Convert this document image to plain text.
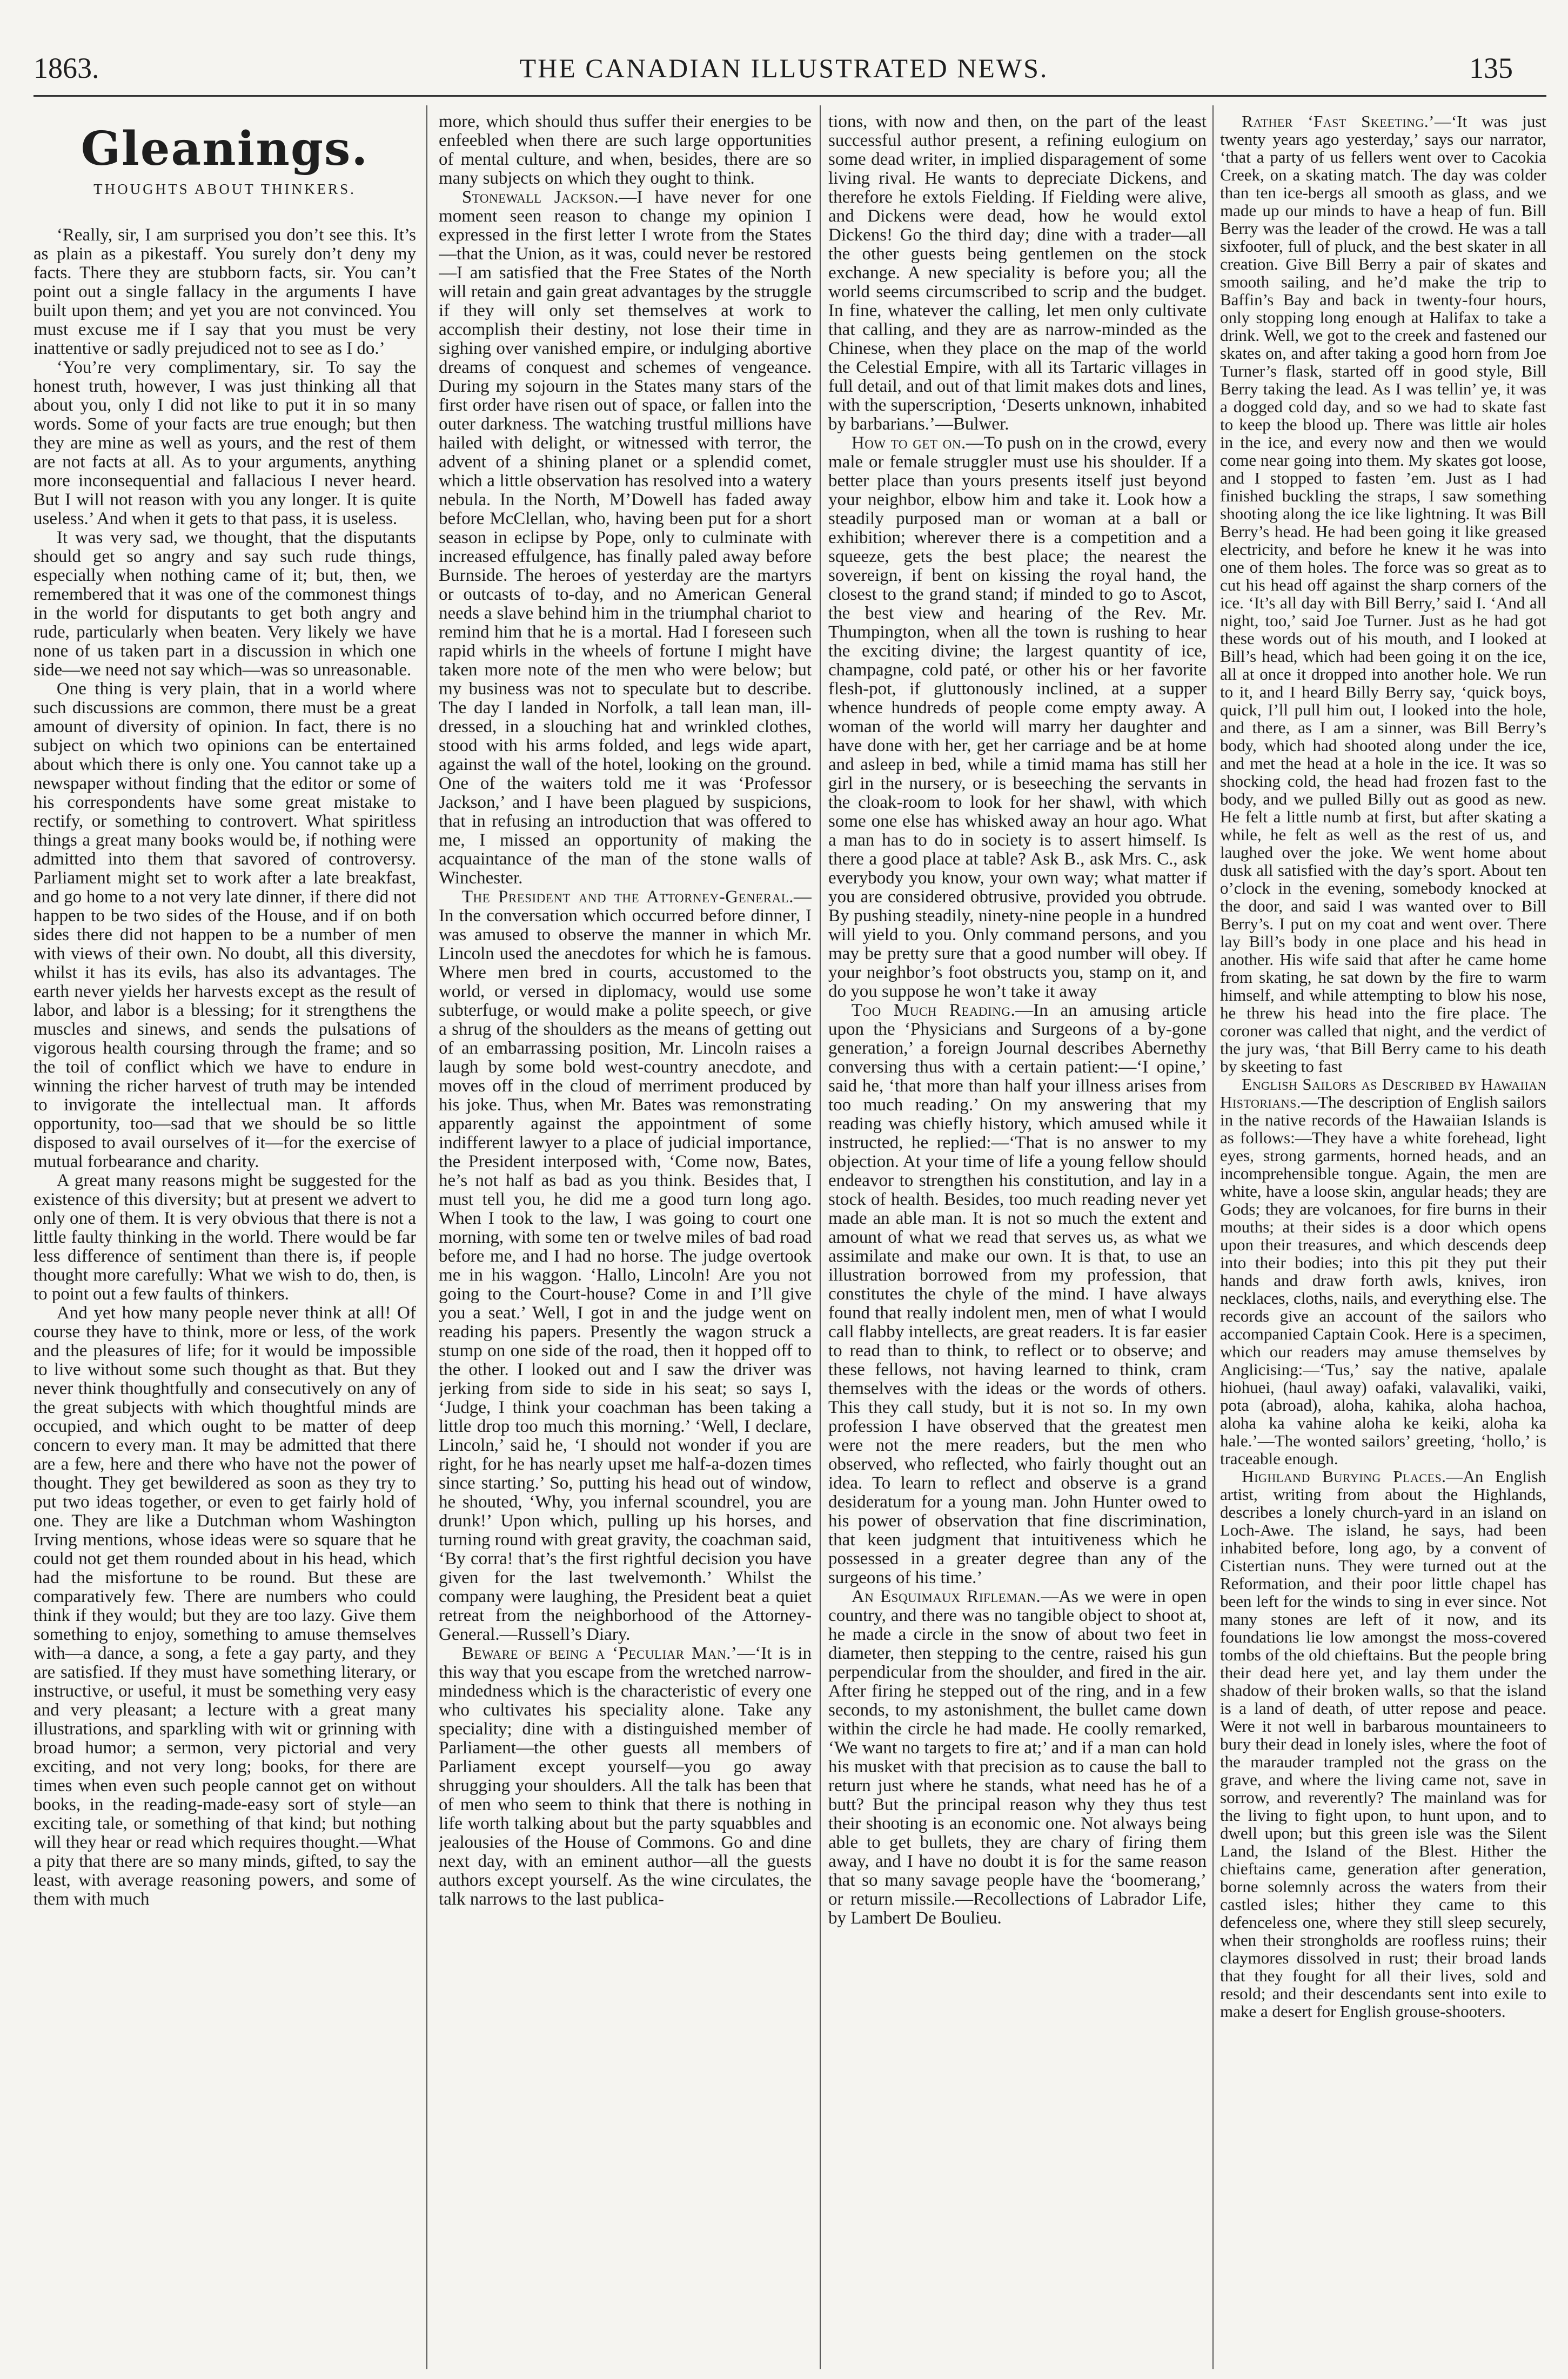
1863.	THE CANADIAN ILLUSTRATED NEWS.	135
Gleanings.
THOUGHTS ABOUT THINKERS.

‘Really, sir, I am surprised you don’t see this. It’s as plain as a pikestaff. You surely don’t deny my facts. There they are stubborn facts, sir. You can’t point out a single fallacy in the arguments I have built upon them; and yet you are not convinced. You must excuse me if I say that you must be very inattentive or sadly prejudiced not to see as I do.’

‘You’re very complimentary, sir. To say the honest truth, however, I was just thinking all that about you, only I did not like to put it in so many words. Some of your facts are true enough; but then they are mine as well as yours, and the rest of them are not facts at all. As to your arguments, anything more inconsequential and fallacious I never heard. But I will not reason with you any longer. It is quite useless.’ And when it gets to that pass, it is useless.

It was very sad, we thought, that the disputants should get so angry and say such rude things, especially when nothing came of it; but, then, we remembered that it was one of the commonest things in the world for disputants to get both angry and rude, particularly when beaten. Very likely we have none of us taken part in a discussion in which one side—we need not say which—was so unreasonable.

One thing is very plain, that in a world where such discussions are common, there must be a great amount of diversity of opinion. In fact, there is no subject on which two opinions can be entertained about which there is only one. You cannot take up a newspaper without finding that the editor or some of his correspondents have some great mistake to rectify, or something to controvert. What spiritless things a great many books would be, if nothing were admitted into them that savored of controversy. Parliament might set to work after a late breakfast, and go home to a not very late dinner, if there did not happen to be two sides of the House, and if on both sides there did not happen to be a number of men with views of their own. No doubt, all this diversity, whilst it has its evils, has also its advantages. The earth never yields her harvests except as the result of labor, and labor is a blessing; for it strengthens the muscles and sinews, and sends the pulsations of vigorous health coursing through the frame; and so the toil of conflict which we have to endure in winning the richer harvest of truth may be intended to invigorate the intellectual man. It affords opportunity, too—sad that we should be so little disposed to avail ourselves of it—for the exercise of mutual forbearance and charity.

A great many reasons might be suggested for the existence of this diversity; but at present we advert to only one of them. It is very obvious that there is not a little faulty thinking in the world. There would be far less difference of sentiment than there is, if people thought more carefully: What we wish to do, then, is to point out a few faults of thinkers.

And yet how many people never think at all! Of course they have to think, more or less, of the work and the pleasures of life; for it would be impossible to live without some such thought as that. But they never think thoughtfully and consecutively on any of the great subjects with which thoughtful minds are occupied, and which ought to be matter of deep concern to every man. It may be admitted that there are a few, here and there who have not the power of thought. They get bewildered as soon as they try to put two ideas together, or even to get fairly hold of one. They are like a Dutchman whom Washington Irving mentions, whose ideas were so square that he could not get them rounded about in his head, which had the misfortune to be round. But these are comparatively few. There are numbers who could think if they would; but they are too lazy. Give them something to enjoy, something to amuse themselves with—a dance, a song, a fete a gay party, and they are satisfied. If they must have something literary, or instructive, or useful, it must be something very easy and very pleasant; a lecture with a great many illustrations, and sparkling with wit or grinning with broad humor; a sermon, very pictorial and very exciting, and not very long; books, for there are times when even such people cannot get on without books, in the reading-made-easy sort of style—an exciting tale, or something of that kind; but nothing will they hear or read which requires thought.—What a pity that there are so many minds, gifted, to say the least, with average reasoning powers, and some of them with much

more, which should thus suffer their energies to be enfeebled when there are such large opportunities of mental culture, and when, besides, there are so many subjects on which they ought to think.

Stonewall Jackson.—I have never for one moment seen reason to change my opinion I expressed in the first letter I wrote from the States—that the Union, as it was, could never be restored—I am satisfied that the Free States of the North will retain and gain great advantages by the struggle if they will only set themselves at work to accomplish their destiny, not lose their time in sighing over vanished empire, or indulging abortive dreams of conquest and schemes of vengeance. During my sojourn in the States many stars of the first order have risen out of space, or fallen into the outer darkness. The watching trustful millions have hailed with delight, or witnessed with terror, the advent of a shining planet or a splendid comet, which a little observation has resolved into a watery nebula. In the North, M’Dowell has faded away before McClellan, who, having been put for a short season in eclipse by Pope, only to culminate with increased effulgence, has finally paled away before Burnside. The heroes of yesterday are the martyrs or outcasts of to-day, and no American General needs a slave behind him in the triumphal chariot to remind him that he is a mortal. Had I foreseen such rapid whirls in the wheels of fortune I might have taken more note of the men who were below; but my business was not to speculate but to describe. The day I landed in Norfolk, a tall lean man, ill-dressed, in a slouching hat and wrinkled clothes, stood with his arms folded, and legs wide apart, against the wall of the hotel, looking on the ground. One of the waiters told me it was ‘Professor Jackson,’ and I have been plagued by suspicions, that in refusing an introduction that was offered to me, I missed an opportunity of making the acquaintance of the man of the stone walls of Winchester.

The President and the Attorney-General.—In the conversation which occurred before dinner, I was amused to observe the manner in which Mr. Lincoln used the anecdotes for which he is famous. Where men bred in courts, accustomed to the world, or versed in diplomacy, would use some subterfuge, or would make a polite speech, or give a shrug of the shoulders as the means of getting out of an embarrassing position, Mr. Lincoln raises a laugh by some bold west-country anecdote, and moves off in the cloud of merriment produced by his joke. Thus, when Mr. Bates was remonstrating apparently against the appointment of some indifferent lawyer to a place of judicial importance, the President interposed with, ‘Come now, Bates, he’s not half as bad as you think. Besides that, I must tell you, he did me a good turn long ago. When I took to the law, I was going to court one morning, with some ten or twelve miles of bad road before me, and I had no horse. The judge overtook me in his waggon. ‘Hallo, Lincoln! Are you not going to the Court-house? Come in and I’ll give you a seat.’ Well, I got in and the judge went on reading his papers. Presently the wagon struck a stump on one side of the road, then it hopped off to the other. I looked out and I saw the driver was jerking from side to side in his seat; so says I, ‘Judge, I think your coachman has been taking a little drop too much this morning.’ ‘Well, I declare, Lincoln,’ said he, ‘I should not wonder if you are right, for he has nearly upset me half-a-dozen times since starting.’ So, putting his head out of window, he shouted, ‘Why, you infernal scoundrel, you are drunk!’ Upon which, pulling up his horses, and turning round with great gravity, the coachman said, ‘By corra! that’s the first rightful decision you have given for the last twelvemonth.’ Whilst the company were laughing, the President beat a quiet retreat from the neighborhood of the Attorney-General.—Russell’s Diary.

Beware of being a ‘Peculiar Man.’—‘It is in this way that you escape from the wretched narrow-mindedness which is the characteristic of every one who cultivates his speciality alone. Take any speciality; dine with a distinguished member of Parliament—the other guests all members of Parliament except yourself—you go away shrugging your shoulders. All the talk has been that of men who seem to think that there is nothing in life worth talking about but the party squabbles and jealousies of the House of Commons. Go and dine next day, with an eminent author—all the guests authors except yourself. As the wine circulates, the talk narrows to the last publica-

tions, with now and then, on the part of the least successful author present, a refining eulogium on some dead writer, in implied disparagement of some living rival. He wants to depreciate Dickens, and therefore he extols Fielding. If Fielding were alive, and Dickens were dead, how he would extol Dickens! Go the third day; dine with a trader—all the other guests being gentlemen on the stock exchange. A new speciality is before you; all the world seems circumscribed to scrip and the budget. In fine, whatever the calling, let men only cultivate that calling, and they are as narrow-minded as the Chinese, when they place on the map of the world the Celestial Empire, with all its Tartaric villages in full detail, and out of that limit makes dots and lines, with the superscription, ‘Deserts unknown, inhabited by barbarians.’—Bulwer.

How to get on.—To push on in the crowd, every male or female struggler must use his shoulder. If a better place than yours presents itself just beyond your neighbor, elbow him and take it. Look how a steadily purposed man or woman at a ball or exhibition; wherever there is a competition and a squeeze, gets the best place; the nearest the sovereign, if bent on kissing the royal hand, the closest to the grand stand; if minded to go to Ascot, the best view and hearing of the Rev. Mr. Thumpington, when all the town is rushing to hear the exciting divine; the largest quantity of ice, champagne, cold paté, or other his or her favorite flesh-pot, if gluttonously inclined, at a supper whence hundreds of people come empty away. A woman of the world will marry her daughter and have done with her, get her carriage and be at home and asleep in bed, while a timid mama has still her girl in the nursery, or is beseeching the servants in the cloak-room to look for her shawl, with which some one else has whisked away an hour ago. What a man has to do in society is to assert himself. Is there a good place at table? Ask B., ask Mrs. C., ask everybody you know, your own way; what matter if you are considered obtrusive, provided you obtrude. By pushing steadily, ninety-nine people in a hundred will yield to you. Only command persons, and you may be pretty sure that a good number will obey. If your neighbor’s foot obstructs you, stamp on it, and do you suppose he won’t take it away

Too Much Reading.—In an amusing article upon the ‘Physicians and Surgeons of a by-gone generation,’ a foreign Journal describes Abernethy conversing thus with a certain patient:—‘I opine,’ said he, ‘that more than half your illness arises from too much reading.’ On my answering that my reading was chiefly history, which amused while it instructed, he replied:—‘That is no answer to my objection. At your time of life a young fellow should endeavor to strengthen his constitution, and lay in a stock of health. Besides, too much reading never yet made an able man. It is not so much the extent and amount of what we read that serves us, as what we assimilate and make our own. It is that, to use an illustration borrowed from my profession, that constitutes the chyle of the mind. I have always found that really indolent men, men of what I would call flabby intellects, are great readers. It is far easier to read than to think, to reflect or to observe; and these fellows, not having learned to think, cram themselves with the ideas or the words of others. This they call study, but it is not so. In my own profession I have observed that the greatest men were not the mere readers, but the men who observed, who reflected, who fairly thought out an idea. To learn to reflect and observe is a grand desideratum for a young man. John Hunter owed to his power of observation that fine discrimination, that keen judgment that intuitiveness which he possessed in a greater degree than any of the surgeons of his time.’

An Esquimaux Rifleman.—As we were in open country, and there was no tangible object to shoot at, he made a circle in the snow of about two feet in diameter, then stepping to the centre, raised his gun perpendicular from the shoulder, and fired in the air. After firing he stepped out of the ring, and in a few seconds, to my astonishment, the bullet came down within the circle he had made. He coolly remarked, ‘We want no targets to fire at;’ and if a man can hold his musket with that precision as to cause the ball to return just where he stands, what need has he of a butt? But the principal reason why they thus test their shooting is an economic one. Not always being able to get bullets, they are chary of firing them away, and I have no doubt it is for the same reason that so many savage people have the ‘boomerang,’ or return missile.—Recollections of Labrador Life, by Lambert De Boulieu.

Rather ‘Fast Skeeting.’—‘It was just twenty years ago yesterday,’ says our narrator, ‘that a party of us fellers went over to Cacokia Creek, on a skating match. The day was colder than ten ice-bergs all smooth as glass, and we made up our minds to have a heap of fun. Bill Berry was the leader of the crowd. He was a tall sixfooter, full of pluck, and the best skater in all creation. Give Bill Berry a pair of skates and smooth sailing, and he’d make the trip to Baffin’s Bay and back in twenty-four hours, only stopping long enough at Halifax to take a drink. Well, we got to the creek and fastened our skates on, and after taking a good horn from Joe Turner’s flask, started off in good style, Bill Berry taking the lead. As I was tellin’ ye, it was a dogged cold day, and so we had to skate fast to keep the blood up. There was little air holes in the ice, and every now and then we would come near going into them. My skates got loose, and I stopped to fasten ’em. Just as I had finished buckling the straps, I saw something shooting along the ice like lightning. It was Bill Berry’s head. He had been going it like greased electricity, and before he knew it he was into one of them holes. The force was so great as to cut his head off against the sharp corners of the ice. ‘It’s all day with Bill Berry,’ said I. ‘And all night, too,’ said Joe Turner. Just as he had got these words out of his mouth, and I looked at Bill’s head, which had been going it on the ice, all at once it dropped into another hole. We run to it, and I heard Billy Berry say, ‘quick boys, quick, I’ll pull him out, I looked into the hole, and there, as I am a sinner, was Bill Berry’s body, which had shooted along under the ice, and met the head at a hole in the ice. It was so shocking cold, the head had frozen fast to the body, and we pulled Billy out as good as new. He felt a little numb at first, but after skating a while, he felt as well as the rest of us, and laughed over the joke. We went home about dusk all satisfied with the day’s sport. About ten o’clock in the evening, somebody knocked at the door, and said I was wanted over to Bill Berry’s. I put on my coat and went over. There lay Bill’s body in one place and his head in another. His wife said that after he came home from skating, he sat down by the fire to warm himself, and while attempting to blow his nose, he threw his head into the fire place. The coroner was called that night, and the verdict of the jury was, ‘that Bill Berry came to his death by skeeting to fast

English Sailors as Described by Hawaiian Historians.—The description of English sailors in the native records of the Hawaiian Islands is as follows:—They have a white forehead, light eyes, strong garments, horned heads, and an incomprehensible tongue. Again, the men are white, have a loose skin, angular heads; they are Gods; they are volcanoes, for fire burns in their mouths; at their sides is a door which opens upon their treasures, and which descends deep into their bodies; into this pit they put their hands and draw forth awls, knives, iron necklaces, cloths, nails, and everything else. The records give an account of the sailors who accompanied Captain Cook. Here is a specimen, which our readers may amuse themselves by Anglicising:—‘Tus,’ say the native, apalale hiohuei, (haul away) oafaki, valavaliki, vaiki, pota (abroad), aloha, kahika, aloha hachoa, aloha ka vahine aloha ke keiki, aloha ka hale.’—The wonted sailors’ greeting, ‘hollo,’ is traceable enough.

Highland Burying Places.—An English artist, writing from about the Highlands, describes a lonely church-yard in an island on Loch-Awe. The island, he says, had been inhabited before, long ago, by a convent of Cistertian nuns. They were turned out at the Reformation, and their poor little chapel has been left for the winds to sing in ever since. Not many stones are left of it now, and its foundations lie low amongst the moss-covered tombs of the old chieftains. But the people bring their dead here yet, and lay them under the shadow of their broken walls, so that the island is a land of death, of utter repose and peace. Were it not well in barbarous mountaineers to bury their dead in lonely isles, where the foot of the marauder trampled not the grass on the grave, and where the living came not, save in sorrow, and reverently? The mainland was for the living to fight upon, to hunt upon, and to dwell upon; but this green isle was the Silent Land, the Island of the Blest. Hither the chieftains came, generation after generation, borne solemnly across the waters from their castled isles; hither they came to this defenceless one, where they still sleep securely, when their strongholds are roofless ruins; their claymores dissolved in rust; their broad lands that they fought for all their lives, sold and resold; and their descendants sent into exile to make a desert for English grouse-shooters.
